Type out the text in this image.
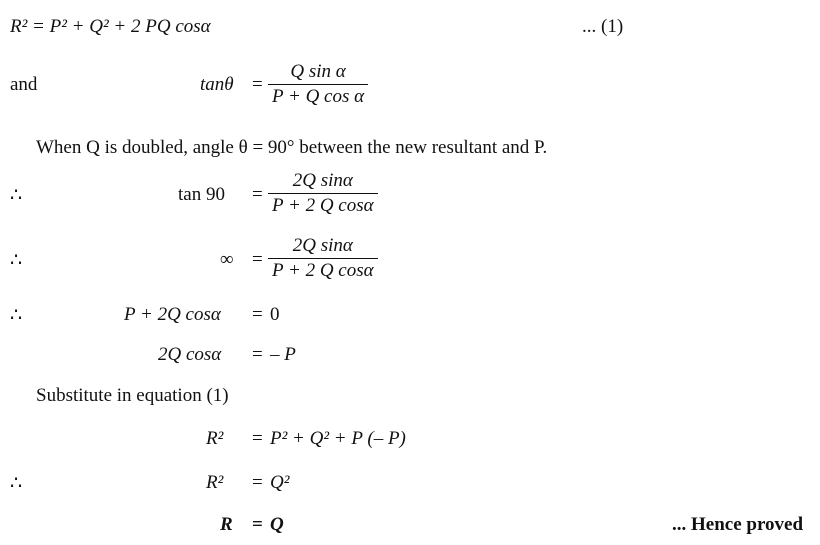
R² = P² + Q² + 2 PQ cosα	... (1)
and	$\tan\theta = \frac{\text{Q sin α}}{\text{P + Q cos α}}$
When Q is doubled, angle θ = 90° between the new resultant and P.
∴	$\tan 90 = \frac{\text{2Q sinα}}{\text{P + 2 Q cosα}}$
∴	∞ = $\frac{\text{2Q sinα}}{\text{P + 2 Q cosα}}$
∴	P + 2Q cosα = 0
2Q cosα = – P
Substitute in equation (1)
R² = P² + Q² + P (– P)
∴	R² = Q²
R = Q	... Hence proved
